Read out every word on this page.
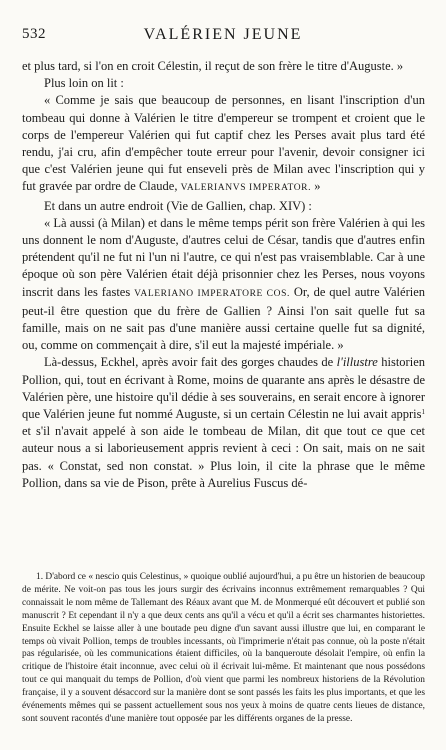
532	VALÉRIEN JEUNE

et plus tard, si l'on en croit Célestin, il reçut de son frère le titre d'Auguste. »

Plus loin on lit :

« Comme je sais que beaucoup de personnes, en lisant l'inscription d'un tombeau qui donne à Valérien le titre d'empereur se trompent et croient que le corps de l'empereur Valérien qui fut captif chez les Perses avait plus tard été rendu, j'ai cru, afin d'empêcher toute erreur pour l'avenir, devoir consigner ici que c'est Valérien jeune qui fut enseveli près de Milan avec l'inscription qui y fut gravée par ordre de Claude, VALERIANVS IMPERATOR. »

Et dans un autre endroit (Vie de Gallien, chap. XIV) :

« Là aussi (à Milan) et dans le même temps périt son frère Valérien à qui les uns donnent le nom d'Auguste, d'autres celui de César, tandis que d'autres enfin prétendent qu'il ne fut ni l'un ni l'autre, ce qui n'est pas vraisemblable. Car à une époque où son père Valérien était déjà prisonnier chez les Perses, nous voyons inscrit dans les fastes VALERIANO IMPERATORE COS. Or, de quel autre Valérien peut-il être question que du frère de Gallien ? Ainsi l'on sait quelle fut sa famille, mais on ne sait pas d'une manière aussi certaine quelle fut sa dignité, ou, comme on commençait à dire, s'il eut la majesté impériale. »

Là-dessus, Eckhel, après avoir fait des gorges chaudes de l'illustre historien Pollion, qui, tout en écrivant à Rome, moins de quarante ans après le désastre de Valérien père, une histoire qu'il dédie à ses souverains, en serait encore à ignorer que Valérien jeune fut nommé Auguste, si un certain Célestin ne lui avait appris$^1$ et s'il n'avait appelé à son aide le tombeau de Milan, dit que tout ce que cet auteur nous a si laborieusement appris revient à ceci : On sait, mais on ne sait pas. « Constat, sed non constat. » Plus loin, il cite la phrase que le même Pollion, dans sa vie de Pison, prête à Aurelius Fuscus dé-

1. D'abord ce « nescio quis Celestinus, » quoique oublié aujourd'hui, a pu être un historien de beaucoup de mérite. Ne voit-on pas tous les jours surgir des écrivains inconnus extrêmement remarquables ? Qui connaissait le nom même de Tallemant des Réaux avant que M. de Monmerqué eût découvert et publié son manuscrit ? Et cependant il n'y a que deux cents ans qu'il a vécu et qu'il a écrit ses charmantes historiettes. Ensuite Eckhel se laisse aller à une boutade peu digne d'un savant aussi illustre que lui, en comparant le temps où vivait Pollion, temps de troubles incessants, où l'imprimerie n'était pas connue, où la poste n'était pas régularisée, où les communications étaient difficiles, où la banqueroute désolait l'empire, où enfin la critique de l'histoire était inconnue, avec celui où il écrivait lui-même. Et maintenant que nous possédons tout ce qui manquait du temps de Pollion, d'où vient que parmi les nombreux historiens de la Révolution française, il y a souvent désaccord sur la manière dont se sont passés les faits les plus importants, et que les événements mêmes qui se passent actuellement sous nos yeux à moins de quatre cents lieues de distance, sont souvent racontés d'une manière tout opposée par les différents organes de la presse.
